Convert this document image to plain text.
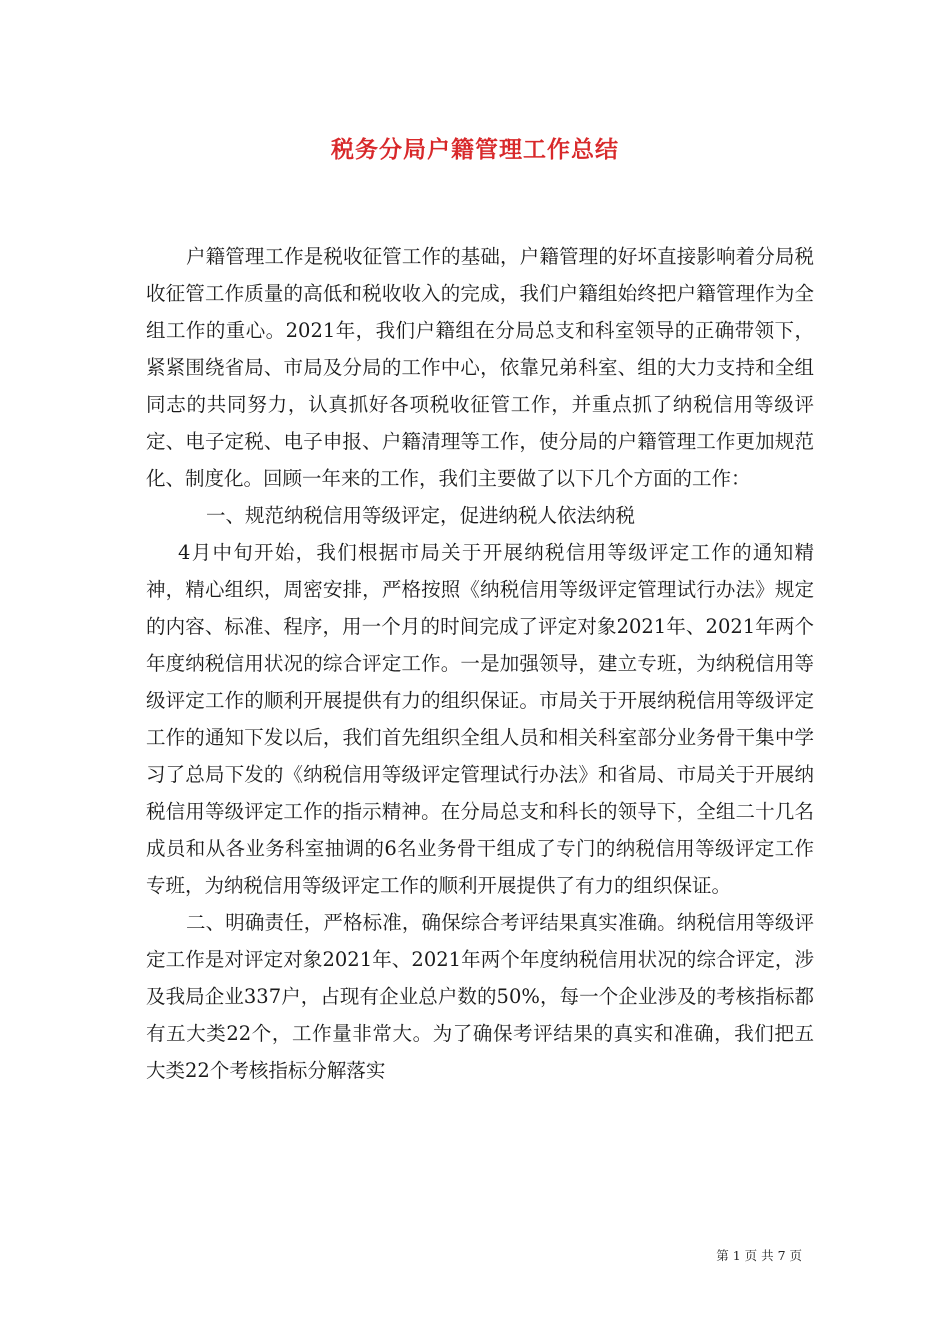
税务分局户籍管理工作总结

户籍管理工作是税收征管工作的基础，户籍管理的好坏直接影响着分局税收征管工作质量的高低和税收收入的完成，我们户籍组始终把户籍管理作为全组工作的重心。2021年，我们户籍组在分局总支和科室领导的正确带领下，紧紧围绕省局、市局及分局的工作中心，依靠兄弟科室、组的大力支持和全组同志的共同努力，认真抓好各项税收征管工作，并重点抓了纳税信用等级评定、电子定税、电子申报、户籍清理等工作，使分局的户籍管理工作更加规范化、制度化。回顾一年来的工作，我们主要做了以下几个方面的工作：

一、规范纳税信用等级评定，促进纳税人依法纳税

4月中旬开始，我们根据市局关于开展纳税信用等级评定工作的通知精神，精心组织，周密安排，严格按照《纳税信用等级评定管理试行办法》规定的内容、标准、程序，用一个月的时间完成了评定对象2021年、2021年两个年度纳税信用状况的综合评定工作。一是加强领导，建立专班，为纳税信用等级评定工作的顺利开展提供有力的组织保证。市局关于开展纳税信用等级评定工作的通知下发以后，我们首先组织全组人员和相关科室部分业务骨干集中学习了总局下发的《纳税信用等级评定管理试行办法》和省局、市局关于开展纳税信用等级评定工作的指示精神。在分局总支和科长的领导下，全组二十几名成员和从各业务科室抽调的6名业务骨干组成了专门的纳税信用等级评定工作专班，为纳税信用等级评定工作的顺利开展提供了有力的组织保证。

二、明确责任，严格标准，确保综合考评结果真实准确。纳税信用等级评定工作是对评定对象2021年、2021年两个年度纳税信用状况的综合评定，涉及我局企业337户，占现有企业总户数的50%，每一个企业涉及的考核指标都有五大类22个，工作量非常大。为了确保考评结果的真实和准确，我们把五大类22个考核指标分解落实

第 1 页 共 7 页
